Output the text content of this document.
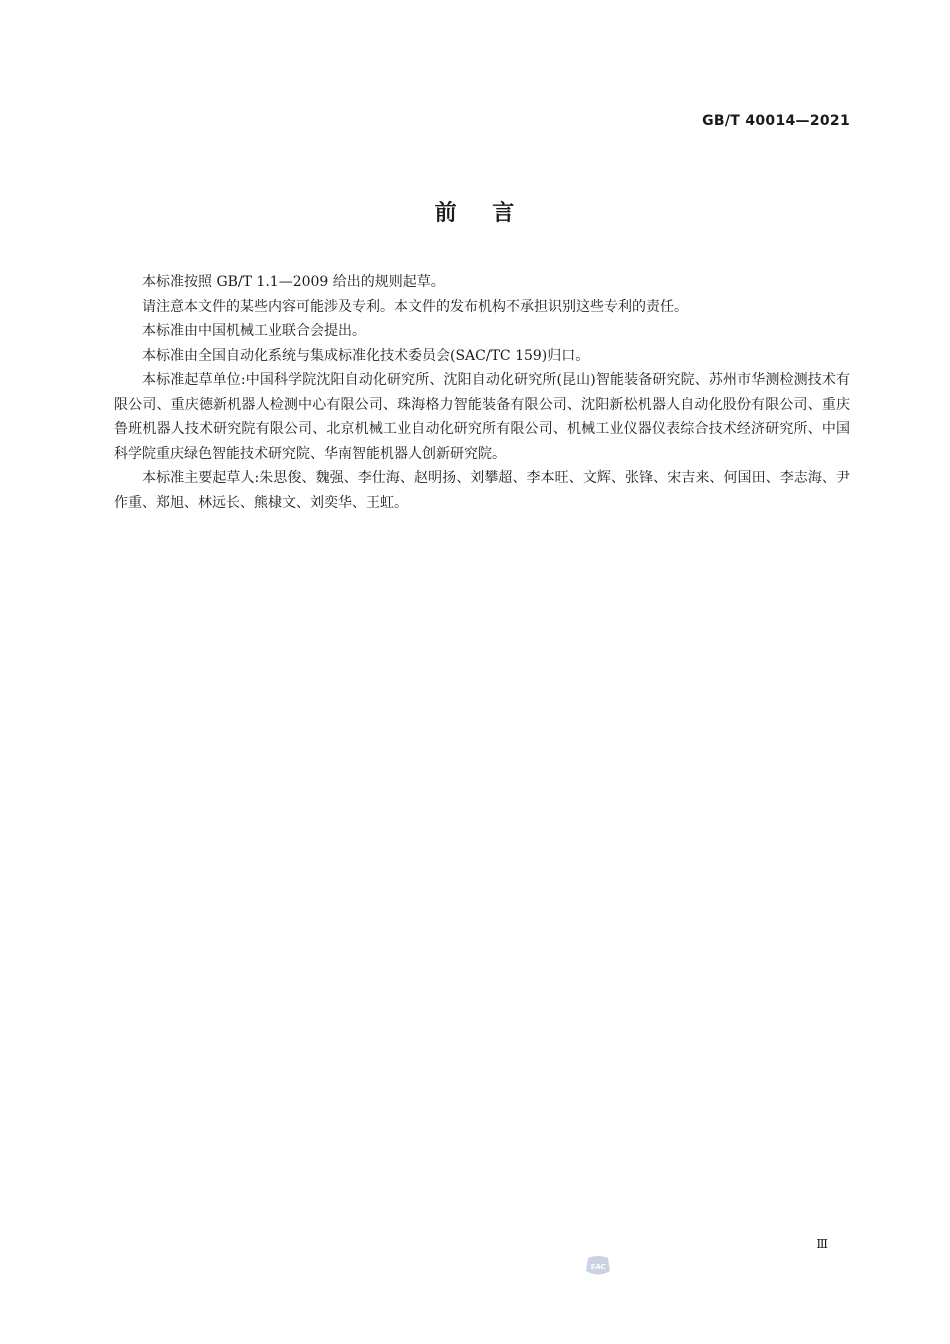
GB/T 40014—2021
前    言

本标准按照 GB/T 1.1—2009 给出的规则起草。

请注意本文件的某些内容可能涉及专利。本文件的发布机构不承担识别这些专利的责任。

本标准由中国机械工业联合会提出。

本标准由全国自动化系统与集成标准化技术委员会(SAC/TC 159)归口。

本标准起草单位:中国科学院沈阳自动化研究所、沈阳自动化研究所(昆山)智能装备研究院、苏州市华测检测技术有限公司、重庆德新机器人检测中心有限公司、珠海格力智能装备有限公司、沈阳新松机器人自动化股份有限公司、重庆鲁班机器人技术研究院有限公司、北京机械工业自动化研究所有限公司、机械工业仪器仪表综合技术经济研究所、中国科学院重庆绿色智能技术研究院、华南智能机器人创新研究院。

本标准主要起草人:朱思俊、魏强、李仕海、赵明扬、刘攀超、李本旺、文辉、张锋、宋吉来、何国田、李志海、尹作重、郑旭、林远长、熊棣文、刘奕华、王虹。

Ⅲ
SAC
